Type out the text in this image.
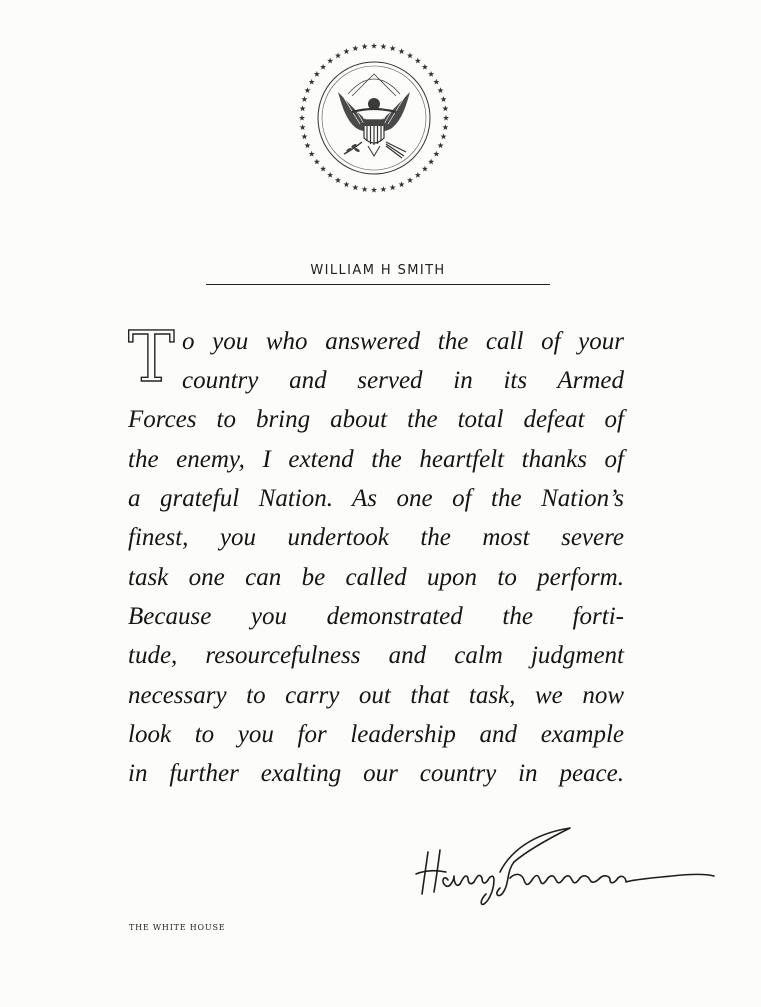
WILLIAM H SMITH
T o you who answered the call of your
country and served in its Armed
Forces to bring about the total defeat of
the enemy, I extend the heartfelt thanks of
a grateful Nation. As one of the Nation’s
finest, you undertook the most severe
task one can be called upon to perform.
Because you demonstrated the forti-
tude, resourcefulness and calm judgment
necessary to carry out that task, we now
look to you for leadership and example
in further exalting our country in peace.
THE WHITE HOUSE
